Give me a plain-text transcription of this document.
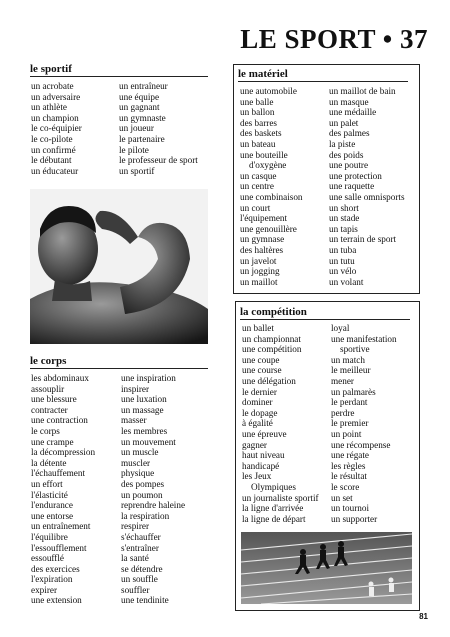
LE SPORT • 37
le sportif
un acrobate
un adversaire
un athlète
un champion
le co-équipier
le co-pilote
un confirmé
le débutant
un éducateur
un entraîneur
une équipe
un gagnant
un gymnaste
un joueur
le partenaire
le pilote
le professeur de sport
un sportif
le matériel
une automobile
une balle
un ballon
des barres
des baskets
un bateau
une bouteille
d'oxygène
un casque
un centre
une combinaison
un court
l'équipement
une genouillère
un gymnase
des haltères
un javelot
un jogging
un maillot
un maillot de bain
un masque
une médaille
un palet
des palmes
la piste
des poids
une poutre
une protection
une raquette
une salle omnisports
un short
un stade
un tapis
un terrain de sport
un tuba
un tutu
un vélo
un volant
le corps
les abdominaux
assouplir
une blessure
contracter
une contraction
le corps
une crampe
la décompression
la détente
l'échauffement
un effort
l'élasticité
l'endurance
une entorse
un entraînement
l'équilibre
l'essoufflement
essoufflé
des exercices
l'expiration
expirer
une extension
une inspiration
inspirer
une luxation
un massage
masser
les membres
un mouvement
un muscle
muscler
physique
des pompes
un poumon
reprendre haleine
la respiration
respirer
s'échauffer
s'entraîner
la santé
se détendre
un souffle
souffler
une tendinite
la compétition
un ballet
un championnat
une compétition
une coupe
une course
une délégation
le dernier
dominer
le dopage
à égalité
une épreuve
gagner
haut niveau
handicapé
les Jeux
Olympiques
un journaliste sportif
la ligne d'arrivée
la ligne de départ
loyal
une manifestation
sportive
un match
le meilleur
mener
un palmarès
le perdant
perdre
le premier
un point
une récompense
une régate
les règles
le résultat
le score
un set
un tournoi
un supporter
81
